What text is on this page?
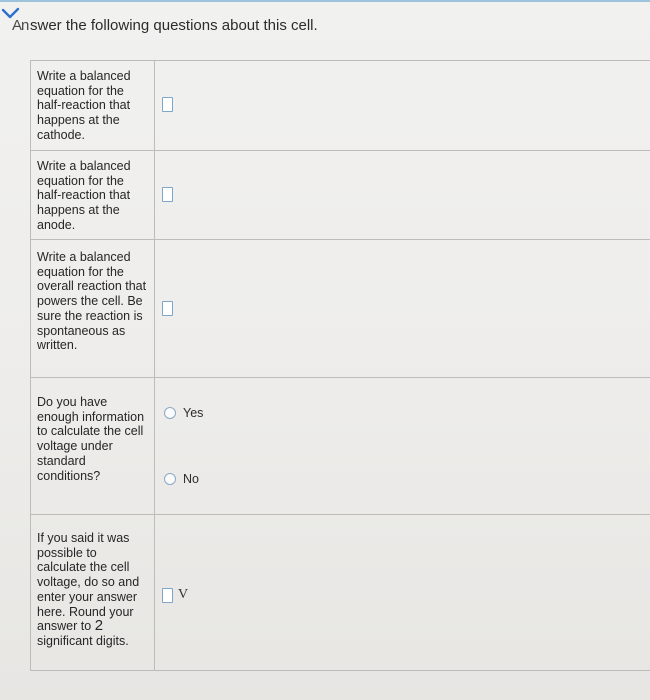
An swer the following questions about this cell.
Write a balanced equation for the half-reaction that happens at the cathode.
Write a balanced equation for the half-reaction that happens at the anode.
Write a balanced equation for the overall reaction that powers the cell. Be sure the reaction is spontaneous as written.
Do you have enough information to calculate the cell voltage under standard conditions?
Yes
No
If you said it was possible to calculate the cell voltage, do so and enter your answer here. Round your answer to 2 significant digits.
V
